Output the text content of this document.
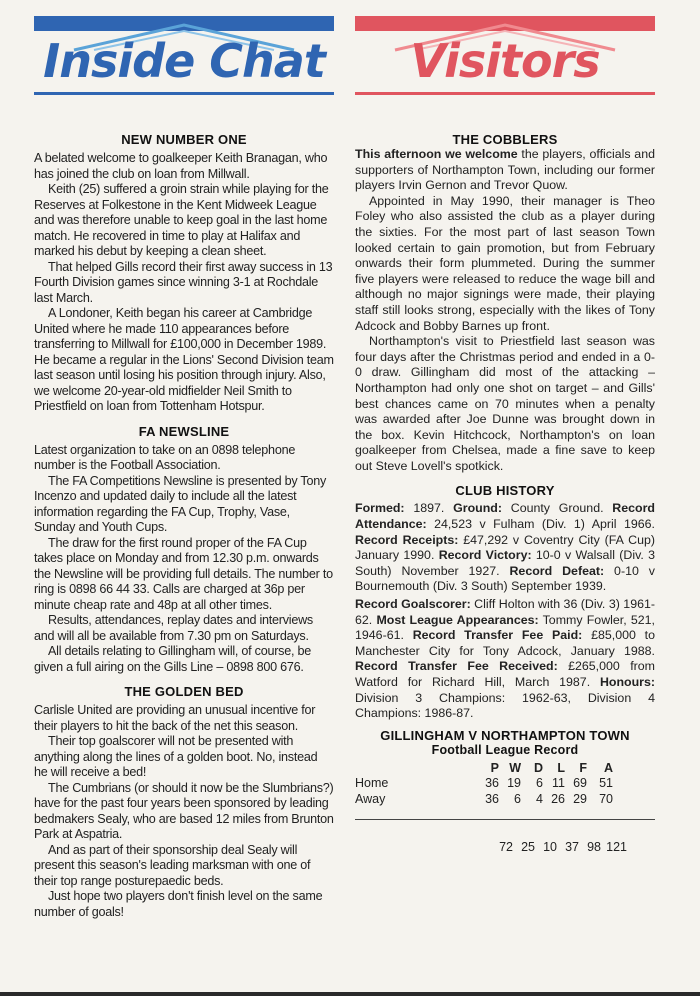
Inside Chat
NEW NUMBER ONE

A belated welcome to goalkeeper Keith Branagan, who has joined the club on loan from Millwall.

Keith (25) suffered a groin strain while playing for the Reserves at Folkestone in the Kent Midweek League and was therefore unable to keep goal in the last home match. He recovered in time to play at Halifax and marked his debut by keeping a clean sheet.

That helped Gills record their first away success in 13 Fourth Division games since winning 3-1 at Rochdale last March.

A Londoner, Keith began his career at Cambridge United where he made 110 appearances before transferring to Millwall for £100,000 in December 1989. He became a regular in the Lions' Second Division team last season until losing his position through injury. Also, we welcome 20-year-old midfielder Neil Smith to Priestfield on loan from Tottenham Hotspur.

FA NEWSLINE

Latest organization to take on an 0898 telephone number is the Football Association.

The FA Competitions Newsline is presented by Tony Incenzo and updated daily to include all the latest information regarding the FA Cup, Trophy, Vase, Sunday and Youth Cups.

The draw for the first round proper of the FA Cup takes place on Monday and from 12.30 p.m. onwards the Newsline will be providing full details. The number to ring is 0898 66 44 33. Calls are charged at 36p per minute cheap rate and 48p at all other times.

Results, attendances, replay dates and interviews and will all be available from 7.30 pm on Saturdays.

All details relating to Gillingham will, of course, be given a full airing on the Gills Line – 0898 800 676.

THE GOLDEN BED

Carlisle United are providing an unusual incentive for their players to hit the back of the net this season.

Their top goalscorer will not be presented with anything along the lines of a golden boot. No, instead he will receive a bed!

The Cumbrians (or should it now be the Slumbrians?) have for the past four years been sponsored by leading bedmakers Sealy, who are based 12 miles from Brunton Park at Aspatria.

And as part of their sponsorship deal Sealy will present this season's leading marksman with one of their top range posturepaedic beds.

Just hope two players don't finish level on the same number of goals!

Visitors
THE COBBLERS

This afternoon we welcome the players, officials and supporters of Northampton Town, including our former players Irvin Gernon and Trevor Quow.

Appointed in May 1990, their manager is Theo Foley who also assisted the club as a player during the sixties. For the most part of last season Town looked certain to gain promotion, but from February onwards their form plummeted. During the summer five players were released to reduce the wage bill and although no major signings were made, their playing staff still looks strong, especially with the likes of Tony Adcock and Bobby Barnes up front.

Northampton's visit to Priestfield last season was four days after the Christmas period and ended in a 0-0 draw. Gillingham did most of the attacking – Northampton had only one shot on target – and Gills' best chances came on 70 minutes when a penalty was awarded after Joe Dunne was brought down in the box. Kevin Hitchcock, Northampton's on loan goalkeeper from Chelsea, made a fine save to keep out Steve Lovell's spotkick.

CLUB HISTORY

Formed: 1897. Ground: County Ground. Record Attendance: 24,523 v Fulham (Div. 1) April 1966. Record Receipts: £47,292 v Coventry City (FA Cup) January 1990. Record Victory: 10-0 v Walsall (Div. 3 South) November 1927. Record Defeat: 0-10 v Bournemouth (Div. 3 South) September 1939.

Record Goalscorer: Cliff Holton with 36 (Div. 3) 1961-62. Most League Appearances: Tommy Fowler, 521, 1946-61. Record Transfer Fee Paid: £85,000 to Manchester City for Tony Adcock, January 1988. Record Transfer Fee Received: £265,000 from Watford for Richard Hill, March 1987. Honours: Division 3 Champions: 1962-63, Division 4 Champions: 1986-87.

GILLINGHAM V NORTHAMPTON TOWN
Football League Record
P W	D	L	F	A
Home	36 19	6 11 69 51
Away	36	6	4 26 29 70
72 25 10 37 98 121
